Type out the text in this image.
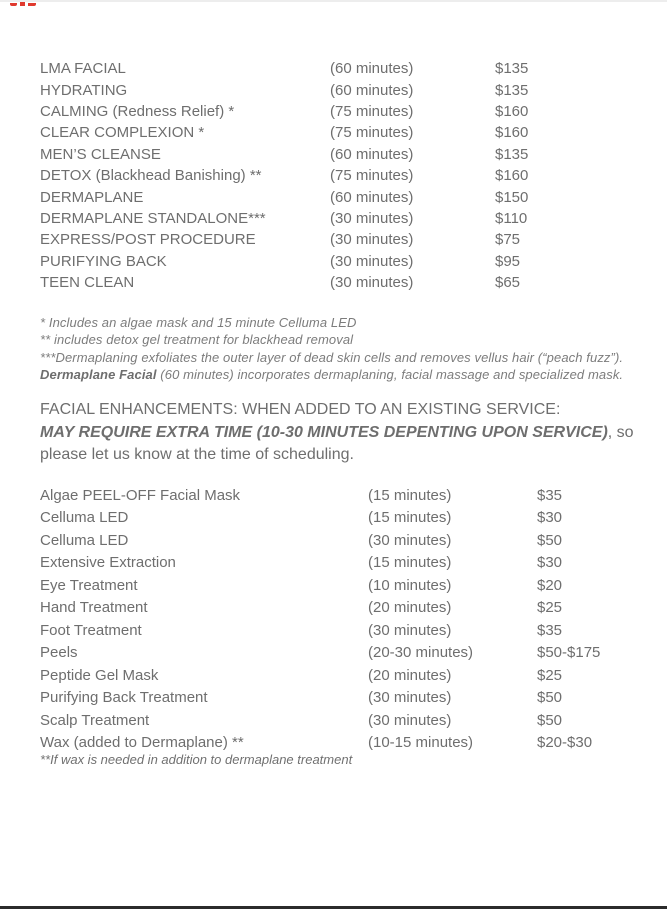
LMA FACIAL	(60 minutes)	$135
HYDRATING	(60 minutes)	$135
CALMING (Redness Relief) *	(75 minutes)	$160
CLEAR COMPLEXION *	(75 minutes)	$160
MEN’S CLEANSE	(60 minutes)	$135
DETOX (Blackhead Banishing) **	(75 minutes)	$160
DERMAPLANE	(60 minutes)	$150
DERMAPLANE STANDALONE***	(30 minutes)	$110
EXPRESS/POST PROCEDURE	(30 minutes)	$75
PURIFYING BACK	(30 minutes)	$95
TEEN CLEAN	(30 minutes)	$65
* Includes an algae mask and 15 minute Celluma LED
** includes detox gel treatment for blackhead removal
***Dermaplaning exfoliates the outer layer of dead skin cells and removes vellus hair (“peach fuzz”).
Dermaplane Facial (60 minutes) incorporates dermaplaning, facial massage and specialized mask.
FACIAL ENHANCEMENTS: WHEN ADDED TO AN EXISTING SERVICE:
MAY REQUIRE EXTRA TIME (10-30 MINUTES DEPENTING UPON SERVICE), so
please let us know at the time of scheduling.
Algae PEEL-OFF Facial Mask	(15 minutes)	$35
Celluma LED	(15 minutes)	$30
Celluma LED	(30 minutes)	$50
Extensive Extraction	(15 minutes)	$30
Eye Treatment	(10 minutes)	$20
Hand Treatment	(20 minutes)	$25
Foot Treatment	(30 minutes)	$35
Peels	(20-30 minutes)	$50-$175
Peptide Gel Mask	(20 minutes)	$25
Purifying Back Treatment	(30 minutes)	$50
Scalp Treatment	(30 minutes)	$50
Wax (added to Dermaplane) **	(10-15 minutes)	$20-$30
**If wax is needed in addition to dermaplane treatment
